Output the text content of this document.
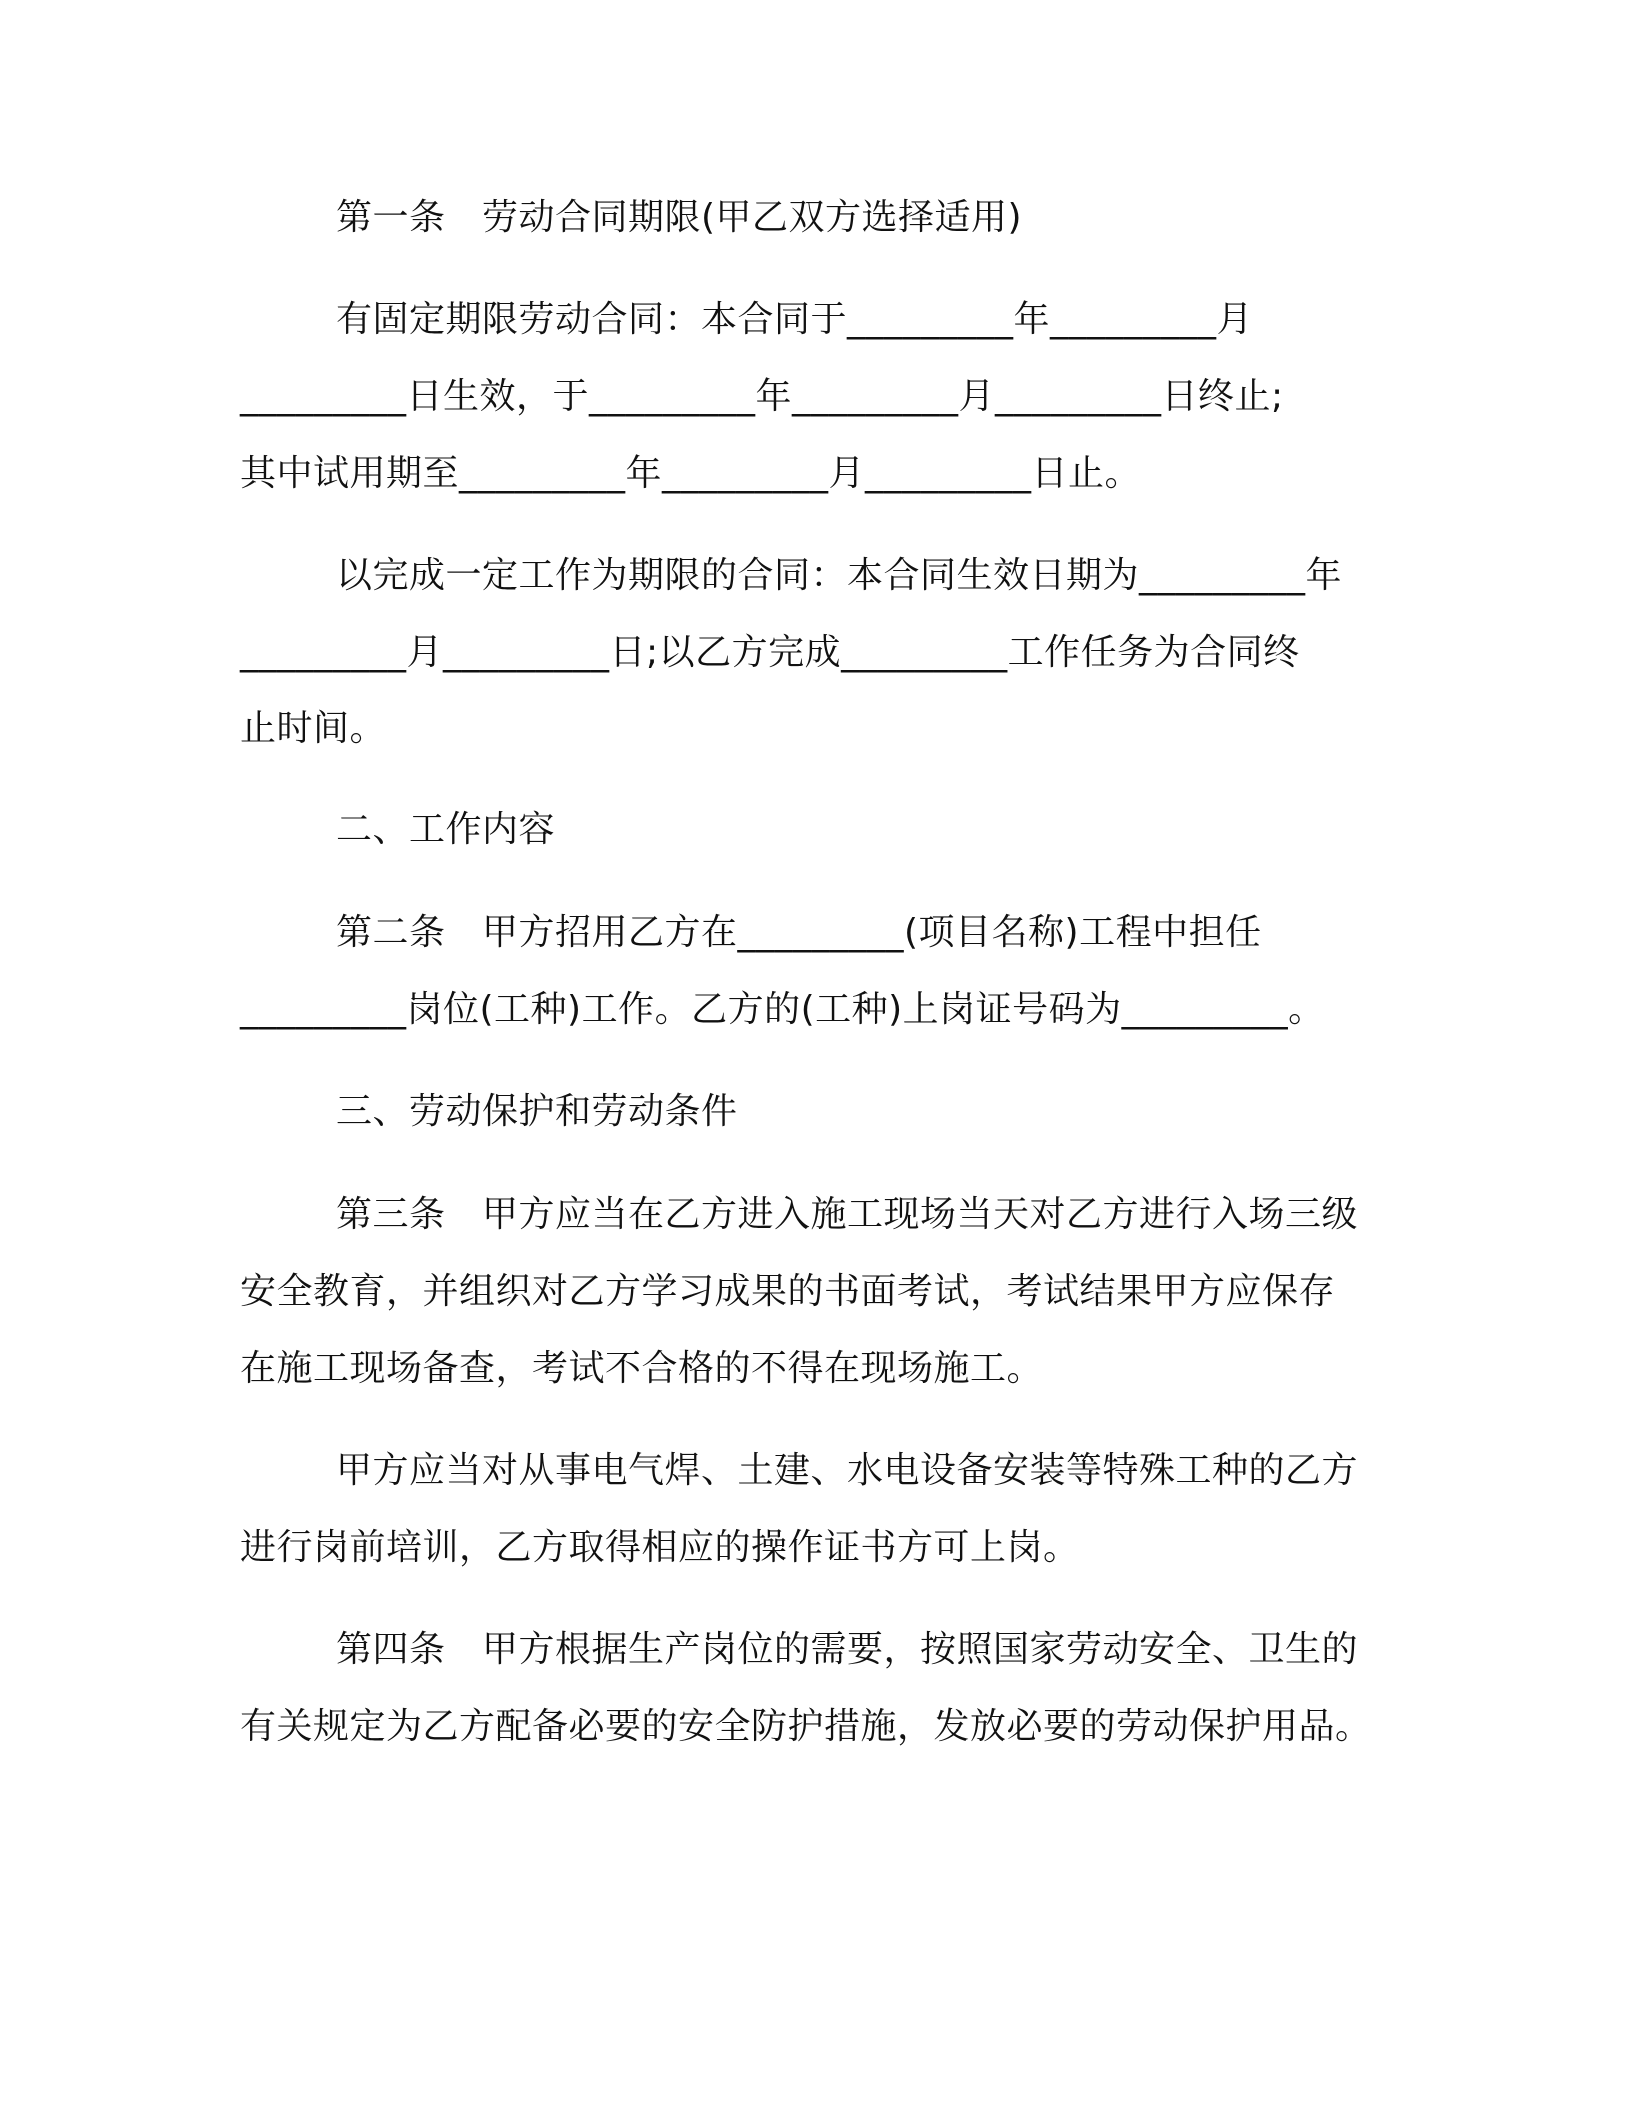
第一条　劳动合同期限(甲乙双方选择适用)
有固定期限劳动合同：本合同于_________年_________月
_________日生效，于_________年_________月_________日终止;
其中试用期至_________年_________月_________日止。
以完成一定工作为期限的合同：本合同生效日期为_________年
_________月_________日;以乙方完成_________工作任务为合同终
止时间。
二、工作内容
第二条　甲方招用乙方在_________(项目名称)工程中担任
_________岗位(工种)工作。乙方的(工种)上岗证号码为_________。
三、劳动保护和劳动条件
第三条　甲方应当在乙方进入施工现场当天对乙方进行入场三级
安全教育，并组织对乙方学习成果的书面考试，考试结果甲方应保存
在施工现场备查，考试不合格的不得在现场施工。
甲方应当对从事电气焊、土建、水电设备安装等特殊工种的乙方
进行岗前培训，乙方取得相应的操作证书方可上岗。
第四条　甲方根据生产岗位的需要，按照国家劳动安全、卫生的
有关规定为乙方配备必要的安全防护措施，发放必要的劳动保护用品。
